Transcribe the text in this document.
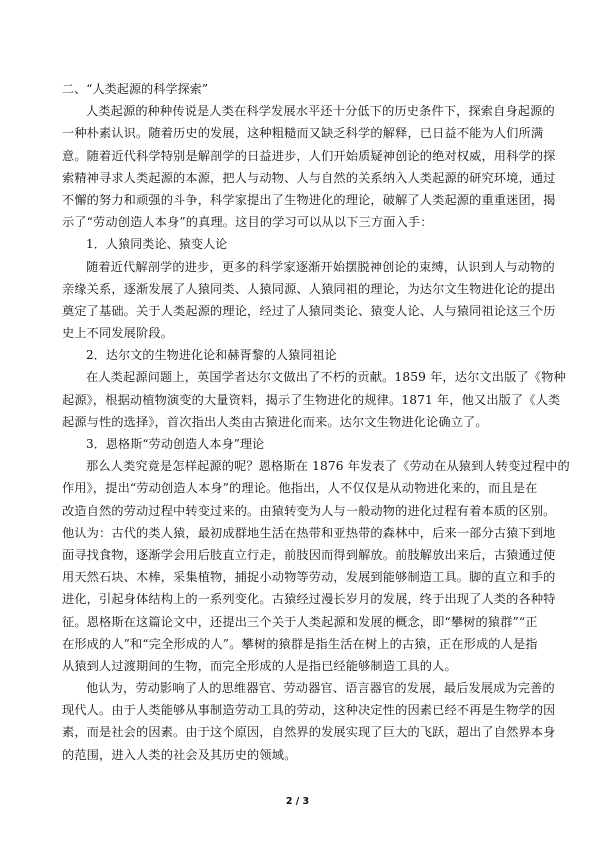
二、“人类起源的科学探索”
人类起源的种种传说是人类在科学发展水平还十分低下的历史条件下，探索自身起源的
一种朴素认识。随着历史的发展，这种粗糙而又缺乏科学的解释，已日益不能为人们所满
意。随着近代科学特别是解剖学的日益进步，人们开始质疑神创论的绝对权威，用科学的探
索精神寻求人类起源的本源，把人与动物、人与自然的关系纳入人类起源的研究环境，通过
不懈的努力和顽强的斗争，科学家提出了生物进化的理论，破解了人类起源的重重迷团，揭
示了“劳动创造人本身”的真理。这目的学习可以从以下三方面入手：
1．人猿同类论、猿变人论
随着近代解剖学的进步，更多的科学家逐渐开始摆脱神创论的束缚，认识到人与动物的
亲缘关系，逐渐发展了人猿同类、人猿同源、人猿同祖的理论，为达尔文生物进化论的提出
奠定了基础。关于人类起源的理论，经过了人猿同类论、猿变人论、人与猿同祖论这三个历
史上不同发展阶段。
2．达尔文的生物进化论和赫胥黎的人猿同祖论
在人类起源问题上，英国学者达尔文做出了不朽的贡献。1859 年，达尔文出版了《物种
起源》，根据动植物演变的大量资料，揭示了生物进化的规律。1871 年，他又出版了《人类
起源与性的选择》，首次指出人类由古猿进化而来。达尔文生物进化论确立了。
3．恩格斯“劳动创造人本身”理论
那么人类究竟是怎样起源的呢？恩格斯在 1876 年发表了《劳动在从猿到人转变过程中的
作用》，提出“劳动创造人本身”的理论。他指出，人不仅仅是从动物进化来的，而且是在
改造自然的劳动过程中转变过来的。由猿转变为人与一般动物的进化过程有着本质的区别。
他认为：古代的类人猿，最初成群地生活在热带和亚热带的森林中，后来一部分古猿下到地
面寻找食物，逐渐学会用后肢直立行走，前肢因而得到解放。前肢解放出来后，古猿通过使
用天然石块、木棒，采集植物，捕捉小动物等劳动，发展到能够制造工具。脚的直立和手的
进化，引起身体结构上的一系列变化。古猿经过漫长岁月的发展，终于出现了人类的各种特
征。恩格斯在这篇论文中，还提出三个关于人类起源和发展的概念，即“攀树的猿群”“正
在形成的人”和“完全形成的人”。攀树的猿群是指生活在树上的古猿，正在形成的人是指
从猿到人过渡期间的生物，而完全形成的人是指已经能够制造工具的人。
他认为，劳动影响了人的思维器官、劳动器官、语言器官的发展，最后发展成为完善的
现代人。由于人类能够从事制造劳动工具的劳动，这种决定性的因素已经不再是生物学的因
素，而是社会的因素。由于这个原因，自然界的发展实现了巨大的飞跃，超出了自然界本身
的范围，进入人类的社会及其历史的领域。
2 / 3
